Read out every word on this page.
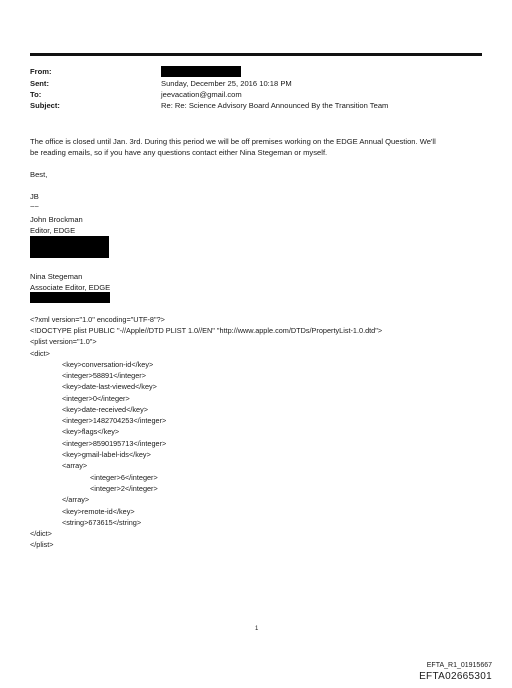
From:
Sent:	Sunday, December 25, 2016 10:18 PM
To:	jeevacation@gmail.com
Subject:	Re: Re: Science Advisory Board Announced By the Transition Team
The office is closed until Jan. 3rd. During this period we will be off premises working on the EDGE Annual Question. We'll
be reading emails, so if you have any questions contact either Nina Stegeman or myself.
Best,
JB
~~
John Brockman
Editor, EDGE
Nina Stegeman
Associate Editor, EDGE
<?xml version="1.0" encoding="UTF-8"?>
<!DOCTYPE plist PUBLIC "-//Apple//DTD PLIST 1.0//EN" "http://www.apple.com/DTDs/PropertyList-1.0.dtd">
<plist version="1.0">
<dict>
<key>conversation-id</key>
<integer>58891</integer>
<key>date-last-viewed</key>
<integer>0</integer>
<key>date-received</key>
<integer>1482704253</integer>
<key>flags</key>
<integer>8590195713</integer>
<key>gmail-label-ids</key>
<array>
<integer>6</integer>
<integer>2</integer>
</array>
<key>remote-id</key>
<string>673615</string>
</dict>
</plist>
1
EFTA_R1_01915667
EFTA02665301
